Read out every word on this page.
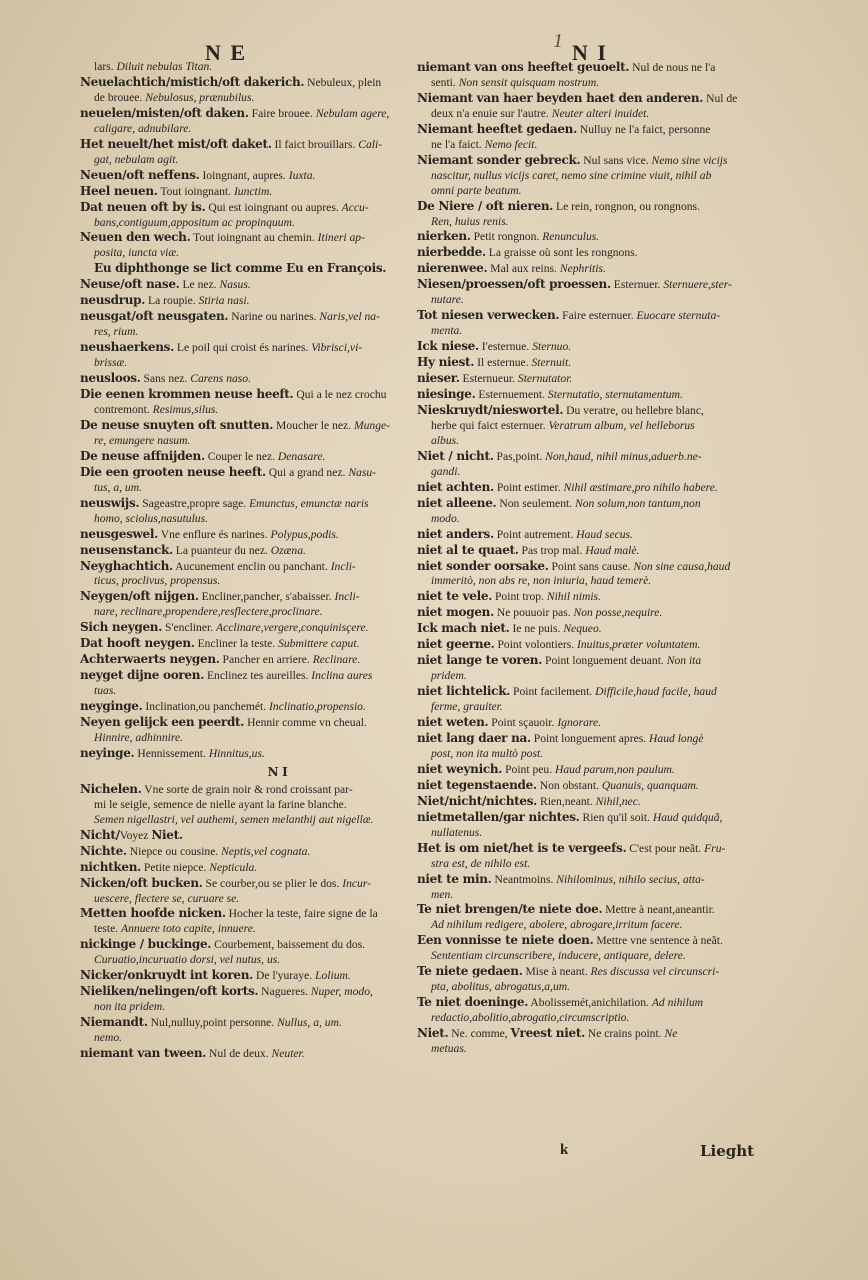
N E	N I
1
lars. Diluit nebulas Titan.
Neuelachtich/mistich/oft dakerich. Nebuleux, plein
de brouee. Nebulosus, prænubilus.
neuelen/misten/oft daken. Faire brouee. Nebulam agere,
caligare, adnubilare.
Het neuelt/het mist/oft daket. Il faict brouillars. Cali-
gat, nebulam agit.
Neuen/oft neffens. Ioingnant, aupres. Iuxta.
Heel neuen. Tout ioingnant. Iunctim.
Dat neuen oft by is. Qui est ioingnant ou aupres. Accu-
bans,contiguum,appositum ac propinquum.
Neuen den wech. Tout ioingnant au chemin. Itineri ap-
posita, iuncta viæ.
Eu diphthonge se lict comme Eu en François.
Neuse/oft nase. Le nez. Nasus.
neusdrup. La roupie. Stiria nasi.
neusgat/oft neusgaten. Narine ou narines. Naris,vel na-
res, rium.
neushaerkens. Le poil qui croist és narines. Vibrisci,vi-
brissæ.
neusloos. Sans nez. Carens naso.
Die eenen krommen neuse heeft. Qui a le nez crochu
contremont. Resimus,silus.
De neuse snuyten oft snutten. Moucher le nez. Munge-
re, emungere nasum.
De neuse affnijden. Couper le nez. Denasare.
Die een grooten neuse heeft. Qui a grand nez. Nasu-
tus, a, um.
neuswijs. Sageastre,propre sage. Emunctus, emunctæ naris
homo, sciolus,nasutulus.
neusgeswel. Vne enflure és narines. Polypus,podis.
neusenstanck. La puanteur du nez. Ozæna.
Neyghachtich. Aucunement enclin ou panchant. Incli-
ticus, proclivus, propensus.
Neygen/oft nijgen. Encliner,pancher, s'abaisser. Incli-
nare, reclinare,propendere,resflectere,proclinare.
Sich neygen. S'encliner. Acclinare,vergere,conquinisçere.
Dat hooft neygen. Encliner la teste. Submittere caput.
Achterwaerts neygen. Pancher en arriere. Reclinare.
neyget dijne ooren. Enclinez tes aureilles. Inclina aures
tuas.
neyginge. Inclination,ou panchemét. Inclinatio,propensio.
Neyen gelijck een peerdt. Hennir comme vn cheual.
Hinnire, adhinnire.
neyinge. Hennissement. Hinnitus,us.
N I
Nichelen. Vne sorte de grain noir & rond croissant par-
mi le seigle, semence de nielle ayant la farine blanche.
Semen nigellastri, vel authemi, semen melanthij aut nigellæ.
Nicht/Voyez Niet.
Nichte. Niepce ou cousine. Neptis,vel cognata.
nichtken. Petite niepce. Nepticula.
Nicken/oft bucken. Se courber,ou se plier le dos. Incur-
uescere, flectere se, curuare se.
Metten hoofde nicken. Hocher la teste, faire signe de la
teste. Annuere toto capite, innuere.
nickinge / buckinge. Courbement, baissement du dos.
Curuatio,incuruatio dorsi, vel nutus, us.
Nicker/onkruydt int koren. De l'yuraye. Lolium.
Nieliken/nelingen/oft korts. Nagueres. Nuper, modo,
non ita pridem.
Niemandt. Nul,nulluy,point personne. Nullus, a, um.
nemo.
niemant van tween. Nul de deux. Neuter.
niemant van ons heeftet geuoelt. Nul de nous ne l'a
senti. Non sensit quisquam nostrum.
Niemant van haer beyden haet den anderen. Nul de
deux n'a enuie sur l'autre. Neuter alteri inuidet.
Niemant heeftet gedaen. Nulluy ne l'a faict, personne
ne l'a faict. Nemo fecit.
Niemant sonder gebreck. Nul sans vice. Nemo sine vicijs
nascitur, nullus vicijs caret, nemo sine crimine viuit, nihil ab
omni parte beatum.
De Niere / oft nieren. Le rein, rongnon, ou rongnons.
Ren, huius renis.
nierken. Petit rongnon. Renunculus.
nierbedde. La graisse où sont les rongnons.
nierenwee. Mal aux reins. Nephritis.
Niesen/proessen/oft proessen. Esternuer. Sternuere,ster-
nutare.
Tot niesen verwecken. Faire esternuer. Euocare sternuta-
menta.
Ick niese. I'esternue. Sternuo.
Hy niest. Il esternue. Sternuit.
nieser. Esternueur. Sternutator.
niesinge. Esternuement. Sternutatio, sternutamentum.
Nieskruydt/nieswortel. Du veratre, ou hellebre blanc,
herbe qui faict esternuer. Veratrum album, vel helleborus
albus.
Niet / nicht. Pas,point. Non,haud, nihil minus,aduerb.ne-
gandi.
niet achten. Point estimer. Nihil æstimare,pro nihilo habere.
niet alleene. Non seulement. Non solum,non tantum,non
modo.
niet anders. Point autrement. Haud secus.
niet al te quaet. Pas trop mal. Haud malè.
niet sonder oorsake. Point sans cause. Non sine causa,haud
immeritò, non abs re, non iniuria, haud temerè.
niet te vele. Point trop. Nihil nimis.
niet mogen. Ne pouuoir pas. Non posse,nequire.
Ick mach niet. Ie ne puis. Nequeo.
niet geerne. Point volontiers. Inuitus,præter voluntatem.
niet lange te voren. Point longuement deuant. Non ita
pridem.
niet lichtelick. Point facilement. Difficile,haud facile, haud
ferme, grauiter.
niet weten. Point sçauoir. Ignorare.
niet lang daer na. Point longuement apres. Haud longè
post, non ita multò post.
niet weynich. Point peu. Haud parum,non paulum.
niet tegenstaende. Non obstant. Quanuis, quanquam.
Niet/nicht/nichtes. Rien,neant. Nihil,nec.
nietmetallen/gar nichtes. Rien qu'il soit. Haud quidquã,
nullatenus.
Het is om niet/het is te vergeefs. C'est pour neãt. Fru-
stra est, de nihilo est.
niet te min. Neantmoins. Nihilominus, nihilo secius, atta-
men.
Te niet brengen/te niete doe. Mettre à neant,aneantir.
Ad nihilum redigere, abolere, abrogare,irritum facere.
Een vonnisse te niete doen. Mettre vne sentence à neãt.
Sententiam circunscribere, inducere, antiquare, delere.
Te niete gedaen. Mise à neant. Res discussa vel circunscri-
pta, abolitus, abrogatus,a,um.
Te niet doeninge. Abolissemét,anichilation. Ad nihilum
redactio,abolitio,abrogatio,circumscriptio.
Niet. Ne. comme, Vreest niet. Ne crains point. Ne
metuas.
k	Lieght
